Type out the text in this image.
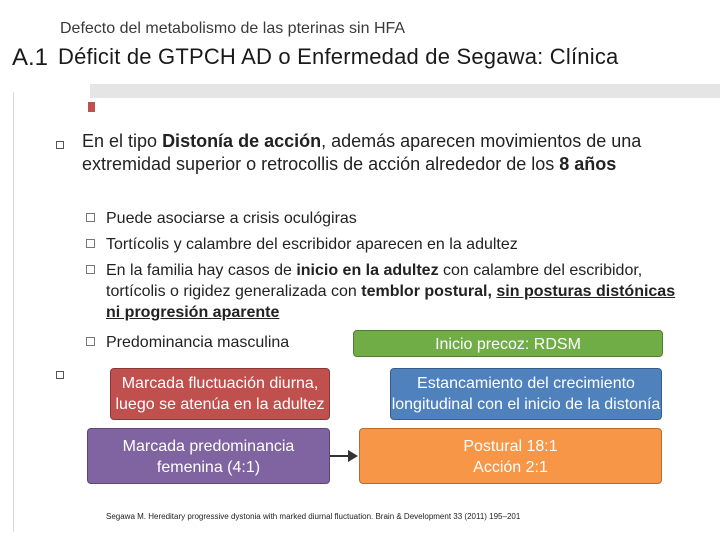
Defecto del metabolismo de las pterinas sin HFA
A.1 Déficit de GTPCH AD o Enfermedad de Segawa: Clínica
En el tipo Distonía de acción, además aparecen movimientos de una extremidad superior o retrocollis de acción alrededor de los 8 años
Puede asociarse a crisis oculógiras
Tortícolis y calambre del escribidor aparecen en la adultez
En la familia hay casos de inicio en la adultez con calambre del escribidor, tortícolis o rigidez generalizada con temblor postural, sin posturas distónicas ni progresión aparente
Predominancia masculina	Inicio precoz: RDSM
Marcada fluctuación diurna, luego se atenúa en la adultez
Estancamiento del crecimiento longitudinal con el inicio de la distonía
Marcada predominancia femenina (4:1)
Postural 18:1
Acción 2:1
Segawa M. Hereditary progressive dystonia with marked diurnal fluctuation. Brain & Development 33 (2011) 195–201
